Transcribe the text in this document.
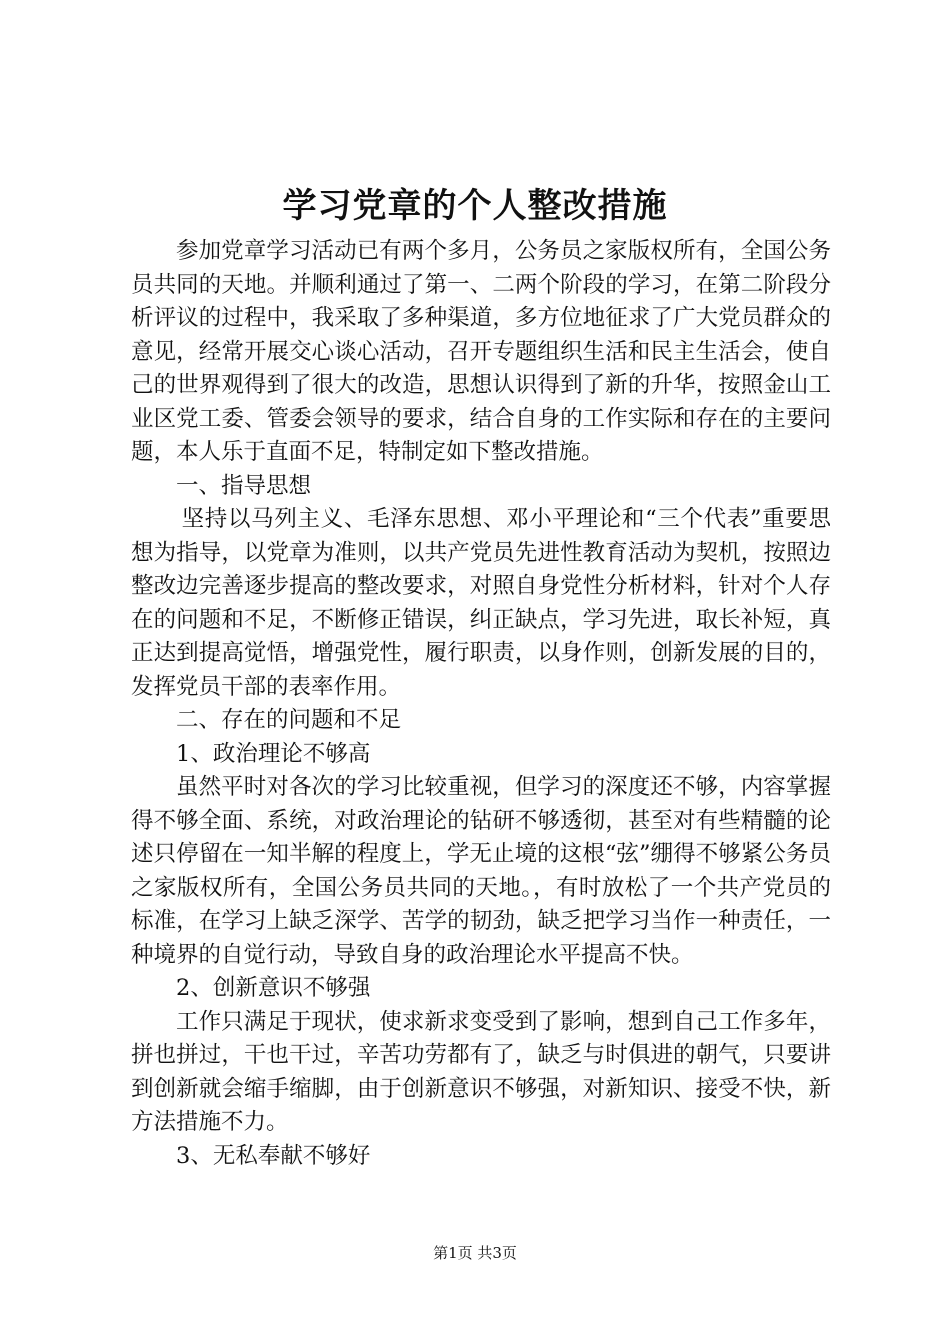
学习党章的个人整改措施

参加党章学习活动已有两个多月，公务员之家版权所有，全国公务员共同的天地。并顺利通过了第一、二两个阶段的学习，在第二阶段分析评议的过程中，我采取了多种渠道，多方位地征求了广大党员群众的意见，经常开展交心谈心活动，召开专题组织生活和民主生活会，使自己的世界观得到了很大的改造，思想认识得到了新的升华，按照金山工业区党工委、管委会领导的要求，结合自身的工作实际和存在的主要问题，本人乐于直面不足，特制定如下整改措施。

一、指导思想

坚持以马列主义、毛泽东思想、邓小平理论和“三个代表”重要思想为指导，以党章为准则，以共产党员先进性教育活动为契机，按照边整改边完善逐步提高的整改要求，对照自身党性分析材料，针对个人存在的问题和不足，不断修正错误，纠正缺点，学习先进，取长补短，真正达到提高觉悟，增强党性，履行职责，以身作则，创新发展的目的，发挥党员干部的表率作用。

二、存在的问题和不足

1、政治理论不够高

虽然平时对各次的学习比较重视，但学习的深度还不够，内容掌握得不够全面、系统，对政治理论的钻研不够透彻，甚至对有些精髓的论述只停留在一知半解的程度上，学无止境的这根“弦”绷得不够紧公务员之家版权所有，全国公务员共同的天地。，有时放松了一个共产党员的标准，在学习上缺乏深学、苦学的韧劲，缺乏把学习当作一种责任，一种境界的自觉行动，导致自身的政治理论水平提高不快。

2、创新意识不够强

工作只满足于现状，使求新求变受到了影响，想到自己工作多年，拼也拼过，干也干过，辛苦功劳都有了，缺乏与时俱进的朝气，只要讲到创新就会缩手缩脚，由于创新意识不够强，对新知识、接受不快，新方法措施不力。

3、无私奉献不够好

第1页 共3页
